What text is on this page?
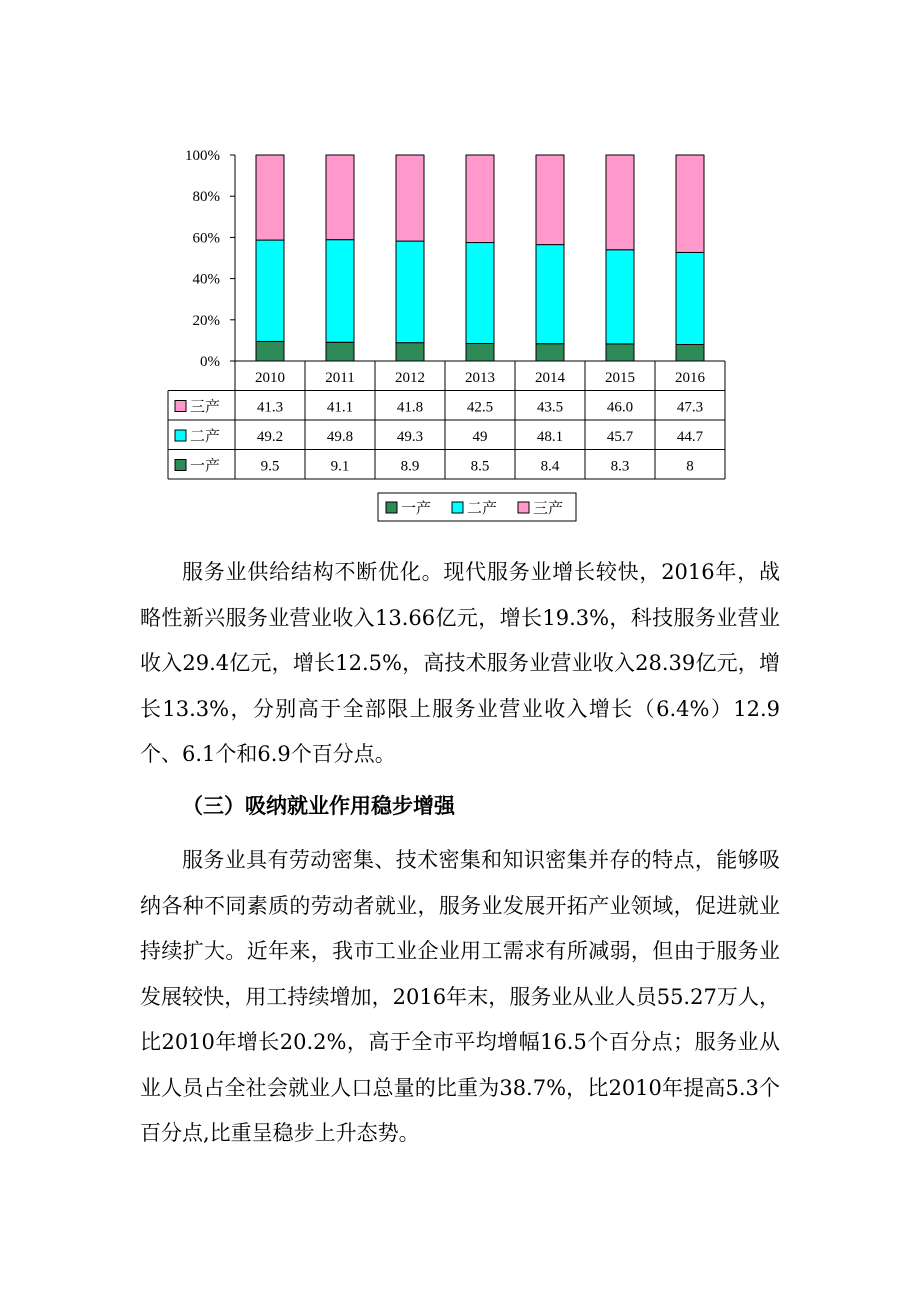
0%
20%
40%
60%
80%
100%
2010	2011	2012	2013	2014	2015	2016
三产 41.3	41.1	41.8	42.5	43.5	46.0	47.3
二产 49.2	49.8	49.3	49	48.1	45.7	44.7
一产	9.5	9.1	8.9	8.5	8.4	8.3	8
一产 二产 三产

服务业供给结构不断优化。现代服务业增长较快，2016年，战略性新兴服务业营业收入13.66亿元，增长19.3%，科技服务业营业收入29.4亿元，增长12.5%，高技术服务业营业收入28.39亿元，增长13.3%，分别高于全部限上服务业营业收入增长（6.4%）12.9个、6.1个和6.9个百分点。

（三）吸纳就业作用稳步增强

服务业具有劳动密集、技术密集和知识密集并存的特点，能够吸纳各种不同素质的劳动者就业，服务业发展开拓产业领域，促进就业持续扩大。近年来，我市工业企业用工需求有所减弱，但由于服务业发展较快，用工持续增加，2016年末，服务业从业人员55.27万人，比2010年增长20.2%，高于全市平均增幅16.5个百分点；服务业从业人员占全社会就业人口总量的比重为38.7%，比2010年提高5.3个百分点,比重呈稳步上升态势。
